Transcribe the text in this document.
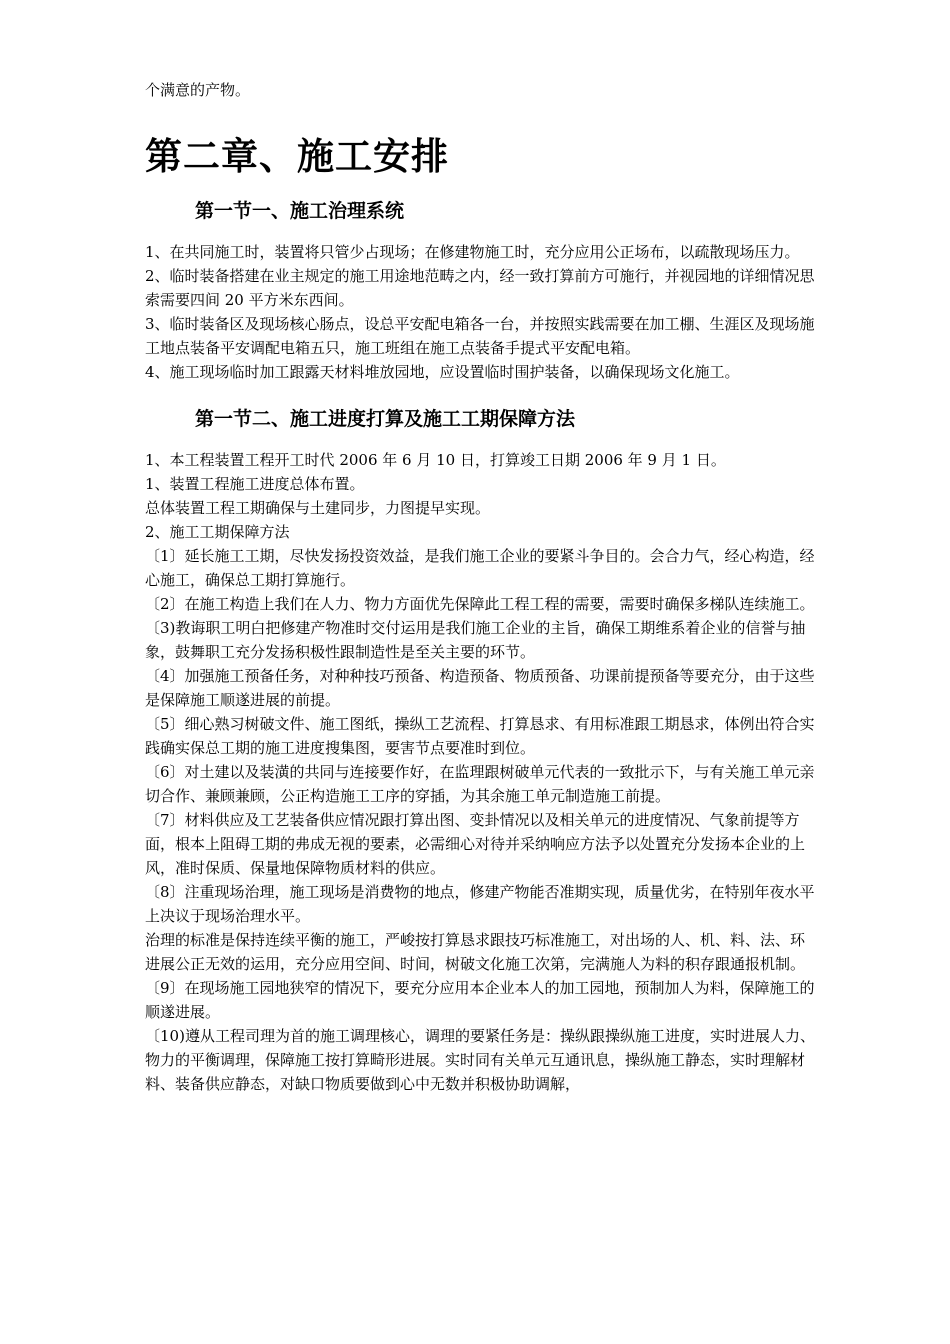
个满意的产物。

第二章、施工安排
第一节一、施工治理系统

1、在共同施工时，装置将只管少占现场；在修建物施工时，充分应用公正场布，以疏散现场压力。

2、临时装备搭建在业主规定的施工用途地范畴之内，经一致打算前方可施行，并视园地的详细情况思索需要四间 20 平方米东西间。

3、临时装备区及现场核心肠点，设总平安配电箱各一台，并按照实践需要在加工棚、生涯区及现场施工地点装备平安调配电箱五只，施工班组在施工点装备手提式平安配电箱。

4、施工现场临时加工跟露天材料堆放园地，应设置临时围护装备，以确保现场文化施工。

第一节二、施工进度打算及施工工期保障方法

1、本工程装置工程开工时代 2006 年 6 月 10 日，打算竣工日期 2006 年 9 月 1 日。

1、装置工程施工进度总体布置。

总体装置工程工期确保与土建同步，力图提早实现。

2、施工工期保障方法

〔1〕延长施工工期，尽快发扬投资效益，是我们施工企业的要紧斗争目的。会合力气，经心构造，经心施工，确保总工期打算施行。

〔2〕在施工构造上我们在人力、物力方面优先保障此工程工程的需要，需要时确保多梯队连续施工。

〔3)教诲职工明白把修建产物准时交付运用是我们施工企业的主旨，确保工期维系着企业的信誉与抽象，鼓舞职工充分发扬积极性跟制造性是至关主要的环节。

〔4〕加强施工预备任务，对种种技巧预备、构造预备、物质预备、功课前提预备等要充分，由于这些是保障施工顺遂进展的前提。

〔5〕细心熟习树破文件、施工图纸，操纵工艺流程、打算恳求、有用标准跟工期恳求，体例出符合实践确实保总工期的施工进度搜集图，要害节点要准时到位。

〔6〕对土建以及装潢的共同与连接要作好，在监理跟树破单元代表的一致批示下，与有关施工单元亲切合作、兼顾兼顾，公正构造施工工序的穿插，为其余施工单元制造施工前提。

〔7〕材料供应及工艺装备供应情况跟打算出图、变卦情况以及相关单元的进度情况、气象前提等方面，根本上阻碍工期的弗成无视的要素，必需细心对待并采纳响应方法予以处置充分发扬本企业的上风，准时保质、保量地保障物质材料的供应。

〔8〕注重现场治理，施工现场是消费物的地点，修建产物能否准期实现，质量优劣，在特别年夜水平上决议于现场治理水平。

治理的标准是保持连续平衡的施工，严峻按打算恳求跟技巧标准施工，对出场的人、机、料、法、环进展公正无效的运用，充分应用空间、时间，树破文化施工次第，完满施人为料的积存跟通报机制。

〔9〕在现场施工园地狭窄的情况下，要充分应用本企业本人的加工园地，预制加人为料，保障施工的顺遂进展。

〔10)遵从工程司理为首的施工调理核心，调理的要紧任务是：操纵跟操纵施工进度，实时进展人力、物力的平衡调理，保障施工按打算畸形进展。实时同有关单元互通讯息，操纵施工静态，实时理解材料、装备供应静态，对缺口物质要做到心中无数并积极协助调解，
